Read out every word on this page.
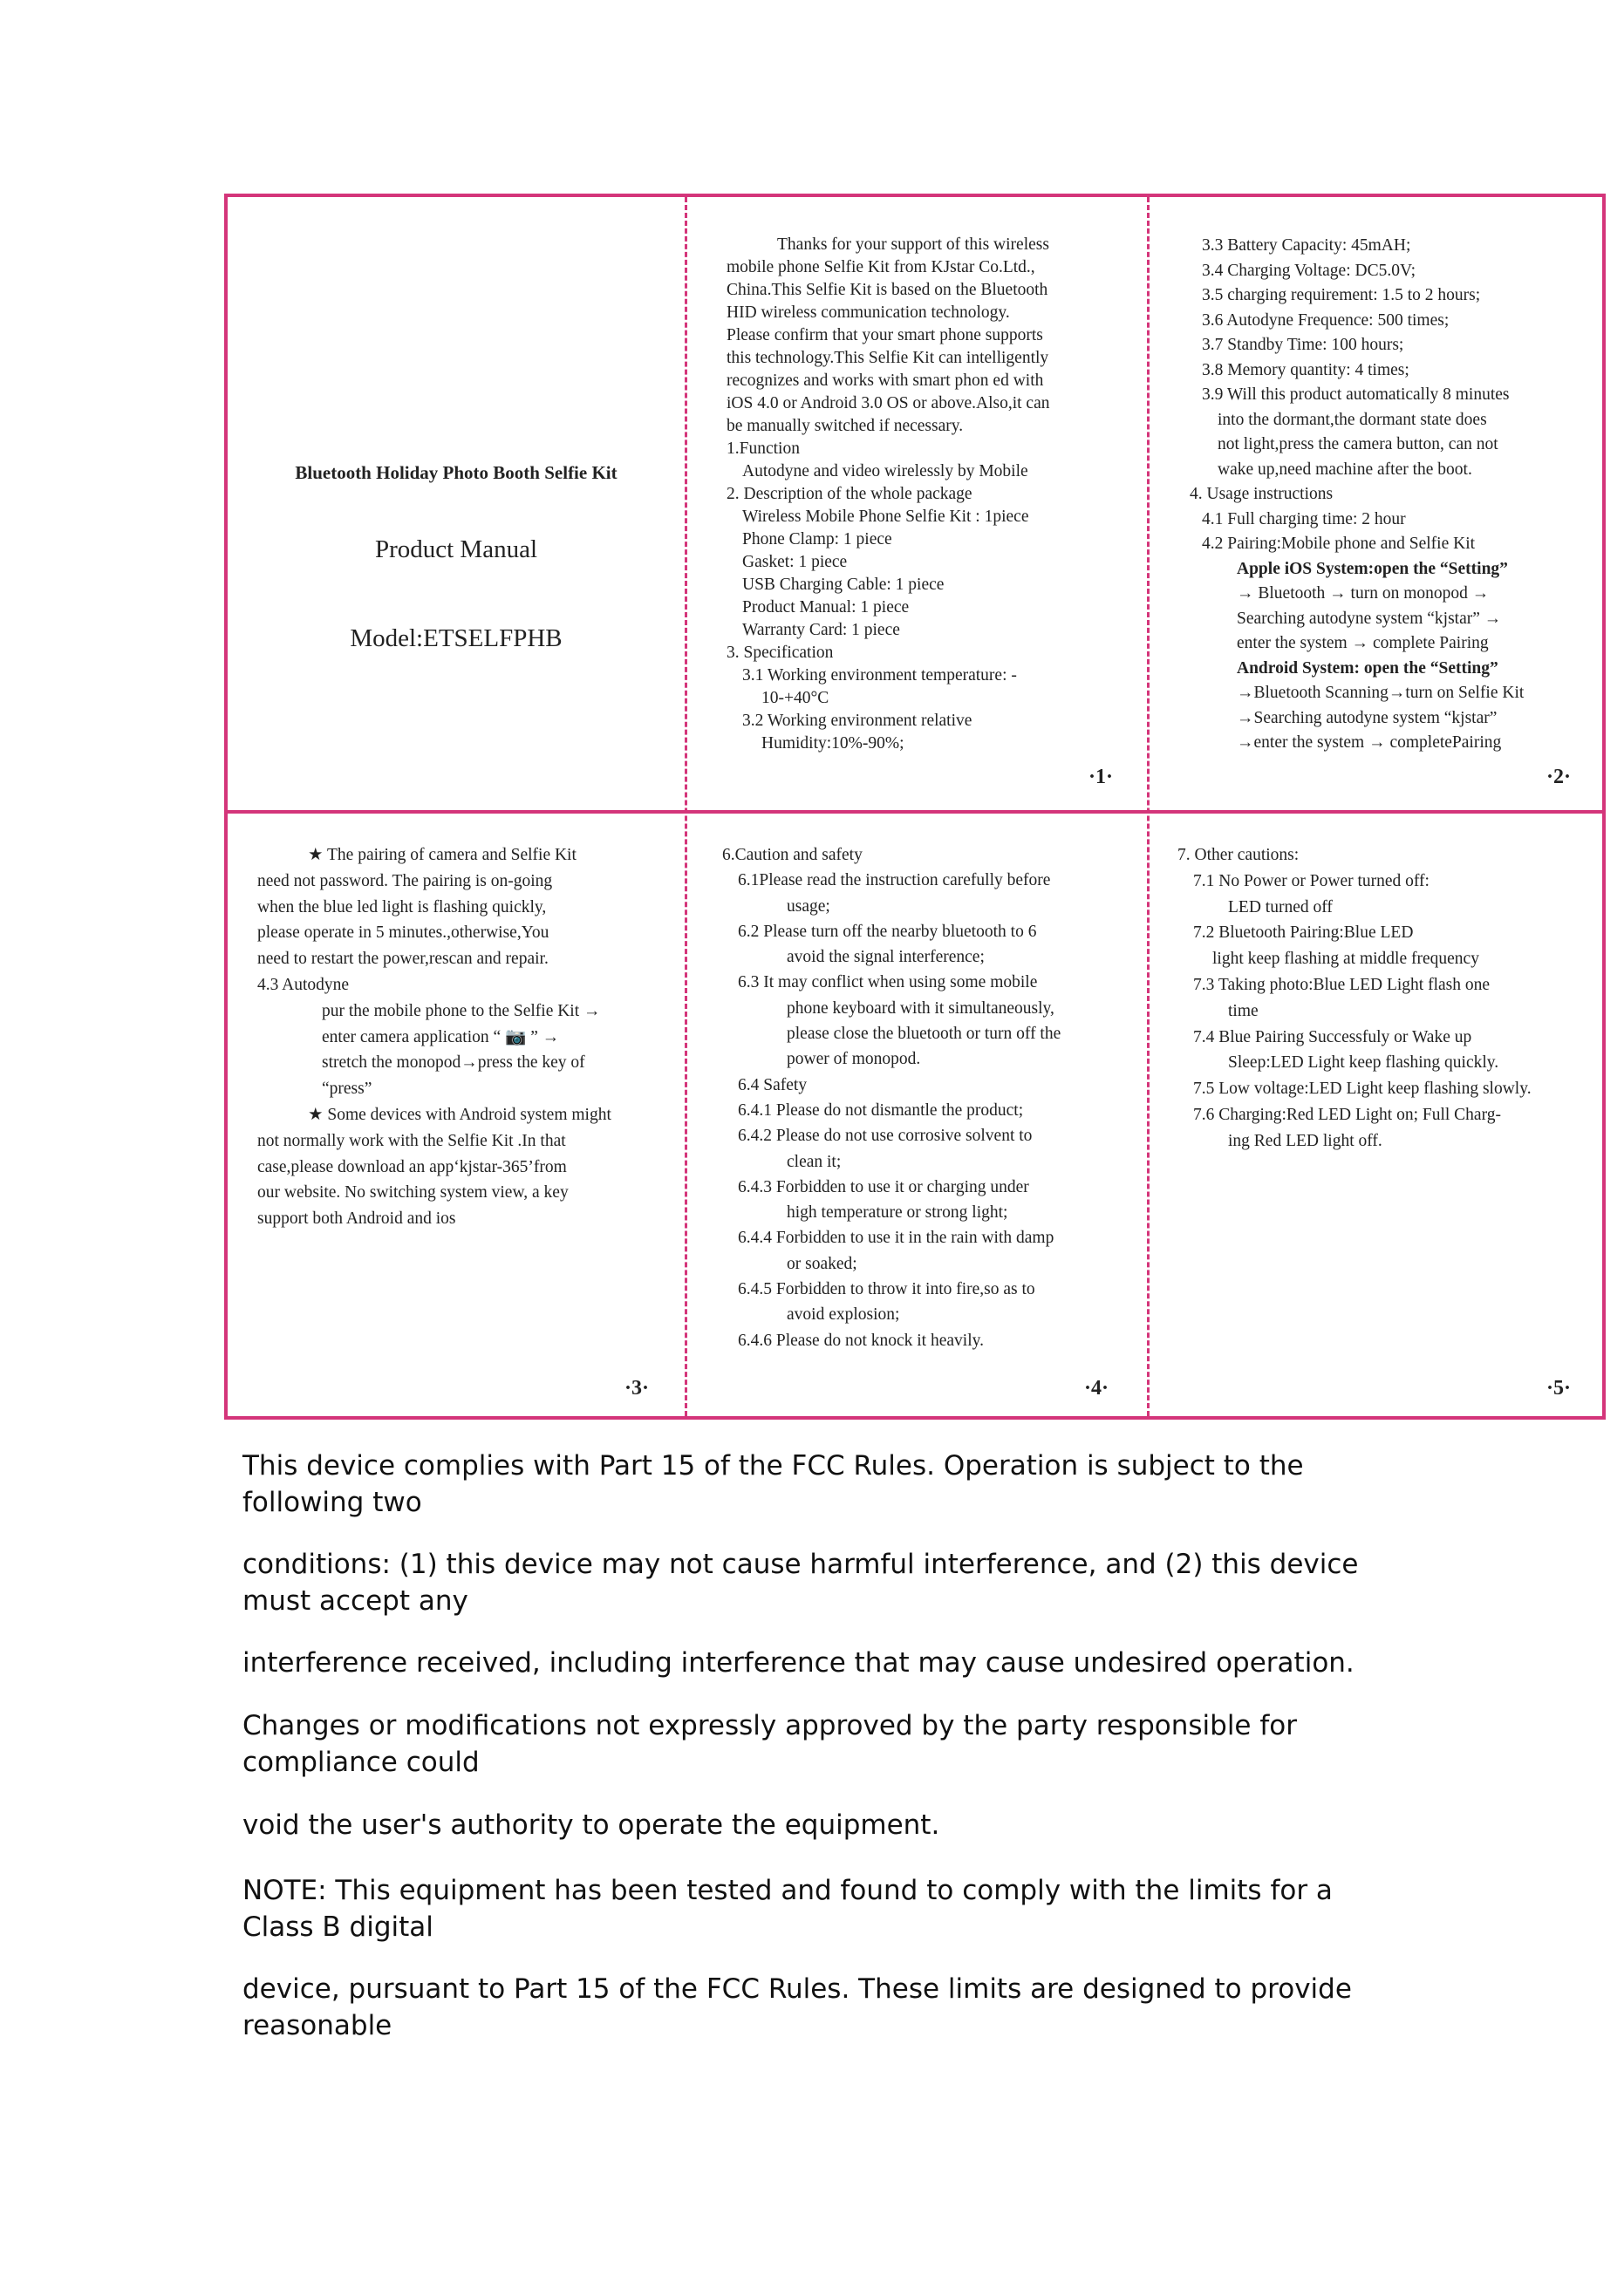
Bluetooth Holiday Photo Booth Selfie Kit
Product Manual
Model:ETSELFPHB
Thanks for your support of this wireless
mobile phone Selfie Kit from KJstar Co.Ltd.,
China.This Selfie Kit is based on the Bluetooth
HID wireless communication technology.
Please confirm that your smart phone supports
this technology.This Selfie Kit can intelligently
recognizes and works with smart phon ed with
iOS 4.0 or Android 3.0 OS or above.Also,it can
be manually switched if necessary.
1.Function
Autodyne and video wirelessly by Mobile
2. Description of the whole package
Wireless Mobile Phone Selfie Kit : 1piece
Phone Clamp: 1 piece
Gasket: 1 piece
USB Charging Cable: 1 piece
Product Manual: 1 piece
Warranty Card: 1 piece
3. Specification
3.1 Working environment temperature: -
10-+40°C
3.2 Working environment relative
Humidity:10%-90%;
·1·
3.3 Battery Capacity: 45mAH;
3.4 Charging Voltage: DC5.0V;
3.5 charging requirement: 1.5 to 2 hours;
3.6 Autodyne Frequence: 500 times;
3.7 Standby Time: 100 hours;
3.8 Memory quantity: 4 times;
3.9 Will this product automatically 8 minutes
into the dormant,the dormant state does
not light,press the camera button, can not
wake up,need machine after the boot.
4. Usage instructions
4.1 Full charging time: 2 hour
4.2 Pairing:Mobile phone and Selfie Kit
Apple iOS System:open the “Setting”
→ Bluetooth → turn on monopod →
Searching autodyne system “kjstar” →
enter the system → complete Pairing
Android System: open the “Setting”
→Bluetooth Scanning→turn on Selfie Kit
→Searching autodyne system “kjstar”
→enter the system → completePairing
·2·
★ The pairing of camera and Selfie Kit
need not password. The pairing is on-going
when the blue led light is flashing quickly,
please operate in 5 minutes.,otherwise,You
need to restart the power,rescan and repair.
4.3 Autodyne
pur the mobile phone to the Selfie Kit →
enter camera application “ 📷 ” →
stretch the monopod→press the key of
“press”
★ Some devices with Android system might
not normally work with the Selfie Kit .In that
case,please download an app‘kjstar-365’from
our website. No switching system view, a key
support both Android and ios
·3·
6.Caution and safety
6.1Please read the instruction carefully before
usage;
6.2 Please turn off the nearby bluetooth to 6
avoid the signal interference;
6.3 It may conflict when using some mobile
phone keyboard with it simultaneously,
please close the bluetooth or turn off the
power of monopod.
6.4 Safety
6.4.1 Please do not dismantle the product;
6.4.2 Please do not use corrosive solvent to
clean it;
6.4.3 Forbidden to use it or charging under
high temperature or strong light;
6.4.4 Forbidden to use it in the rain with damp
or soaked;
6.4.5 Forbidden to throw it into fire,so as to
avoid explosion;
6.4.6 Please do not knock it heavily.
·4·
7. Other cautions:
7.1 No Power or Power turned off:
LED turned off
7.2 Bluetooth Pairing:Blue LED
light keep flashing at middle frequency
7.3 Taking photo:Blue LED Light flash one
time
7.4 Blue Pairing Successfuly or Wake up
Sleep:LED Light keep flashing quickly.
7.5 Low voltage:LED Light keep flashing slowly.
7.6 Charging:Red LED Light on; Full Charg-
ing Red LED light off.
·5·

This device complies with Part 15 of the FCC Rules. Operation is subject to the following two

conditions: (1) this device may not cause harmful interference, and (2) this device must accept any

interference received, including interference that may cause undesired operation.

Changes or modifications not expressly approved by the party responsible for compliance could

void the user's authority to operate the equipment.

NOTE: This equipment has been tested and found to comply with the limits for a Class B digital

device, pursuant to Part 15 of the FCC Rules. These limits are designed to provide reasonable
